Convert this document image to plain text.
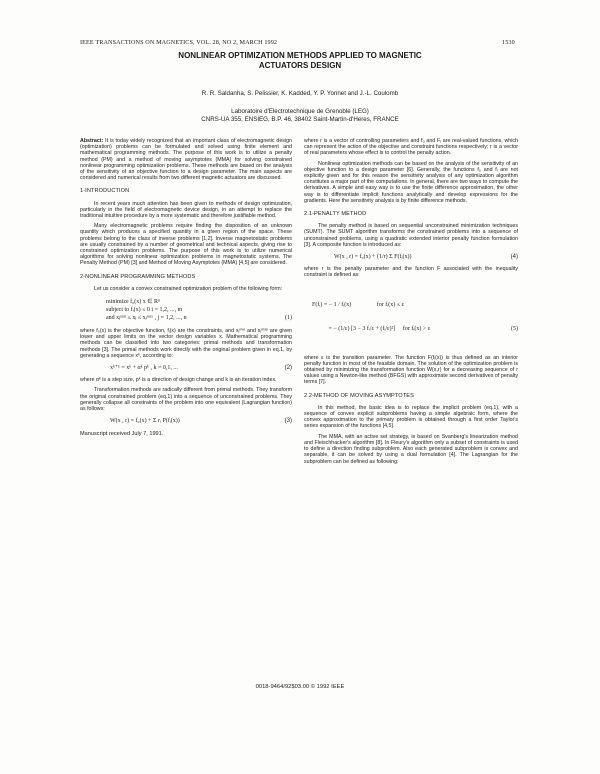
IEEE TRANSACTIONS ON MAGNETICS, VOL. 28, NO 2, MARCH 1992	1530
NONLINEAR OPTIMIZATION METHODS APPLIED TO MAGNETIC
ACTUATORS DESIGN
R. R. Saldanha, S. Pelissier, K. Kadded, Y. P. Yonnet and J.-L. Coulomb
Laboratoire d'Electrotechnique de Grenoble (LEG)
CNRS-UA 355, ENSIEG, B.P. 46, 38402 Saint-Martin-d'Heres, FRANCE

Abstract: It is today widely recognized that an important class of electromagnetic design (optimization) problems can be formulated and solved using finite element and mathematical programming methods. The purpose of this work is to utilize a penalty method (PM) and a method of moving asymptotes (MMA) for solving constrained nonlinear programming optimization problems. These methods are based on the analysis of the sensitivity of an objective function to a design parameter. The main aspects are considered and numerical results from two different magnetic actuators are discussed.

1-INTRODUCTION

In recent years much attention has been given to methods of design optimization, particularly in the field of electromagnetic device design, in an attempt to replace the traditional intuitive procedure by a more systematic and therefore justifiable method.

Many electromagnetic problems require finding the disposition of an unknown quantity which produces a specified quantity in a given region of the space. These problems belong to the class of inverse problems [1,2]. Inverse magnetostatic problems are usually constrained by a number of geometrical and technical aspects, giving rise to constrained optimization problems. The purpose of this work is to utilize numerical algorithms for solving nonlinear optimization problems in magnetostatic systems. The Penalty Method (PM) [3] and Method of Moving Asymptotes (MMA) [4,5] are considered.

2-NONLINEAR PROGRAMMING METHODS

Let us consider a convex constrained optimization problem of the following form:

minimize f₀(x) x ∈ Rⁿ
subject to fᵢ(x) ≤ 0 i = 1,2, ..., m
and xⱼᵐᶦⁿ ≤ xⱼ ≤ xⱼᵐᵃˣ , j = 1,2, ..., n	(1)

where f₀(x) is the objective function, fᵢ(x) are the constraints, and xⱼᵐᶦⁿ and xⱼᵐᵃˣ are given lower and upper limits on the vector design variables x. Mathematical programming methods can be classified into two categories: primal methods and transformation methods [3]. The primal methods work directly with the original problem given in eq.1, by generating a sequence xᵏ, according to:

xᵏ⁺¹ = xᵏ + αᵏ pᵏ , k = 0,1, ...	(2)

where αᵏ is a step size, pᵏ is a direction of design change and k is an iteration index.

Transformation methods are radically different from primal methods. They transform the original constrained problem (eq.1) into a sequence of unconstrained problems. They generally collapse all constraints of the problem into one equivalent (Lagrangian function) as follows:

W(x , r) = f₀(x) + Σ rᵢ P(fᵢ(x))	(3)

Manuscript received July 7, 1991.

where r is a vector of controlling parameters and f₀ and Fᵢ are real-valued functions, which can represent the action of the objective and constraint functions respectively; r is a vector of real parameters whose effect is to control the penalty action.

Nonlinear optimization methods can be based on the analysis of the sensitivity of an objective function to a design parameter [6]. Generally, the functions f₀ and fᵢ are not explicitly given and for this reason the sensitivity analysis of any optimization algorithm constitutes a major part of the computations. In general, there are two ways to compute the derivatives. A simple and easy way is to use the finite difference approximation, the other way is to differentiate implicit functions analytically and develop expressions for the gradients. Here the sensitivity analysis is by finite difference methods.

2.1-PENALTY METHOD

The penalty method is based on sequential unconstrained minimization techniques (SUMT). The SUMT algorithm transforms the constrained problems into a sequence of unconstrained problems, using a quadratic extended interior penalty function formulation [3]. A composite function is introduced as:

W(x , r) = f₀(x) + (1/r) Σ F(fᵢ(x))	(4)

where r is the penalty parameter and the function F associated with the inequality constraint is defined as:

F(fᵢ) = − 1 / fᵢ(x)                 for fᵢ(x) ≤ ε

= − (1/ε) [3 − 3 fᵢ/ε + (fᵢ/ε)²]     for fᵢ(x) > ε	(5)

where ε is the transition parameter. The function F(fᵢ(x)) is thus defined as an interior penalty function in most of the feasible domain. The solution of the optimization problem is obtained by minimizing the transformation function W(x,r) for a decreasing sequence of r values using a Newton-like method (BFGS) with approximate second derivatives of penalty terms [7].

2.2-METHOD OF MOVING ASYMPTOTES

In this method, the basic idea is to replace the implicit problem (eq.1), with a sequence of convex explicit subproblems having a simple algebraic form, where the convex approximation to the primary problem is obtained through a first order Taylor's series expansion of the functions [4,5].

The MMA, with an active set strategy, is based on Svanberg's linearization method and Fleischhacker's algorithm [8]. In Fleury's algorithm only a subset of constraints is used to define a direction finding subproblem. Also each generated subproblem is convex and separable, it can be solved by using a dual formulation [4]. The Lagrangian for the subproblem can be defined as following:

0018-9464/92$03.00 © 1992 IEEE
